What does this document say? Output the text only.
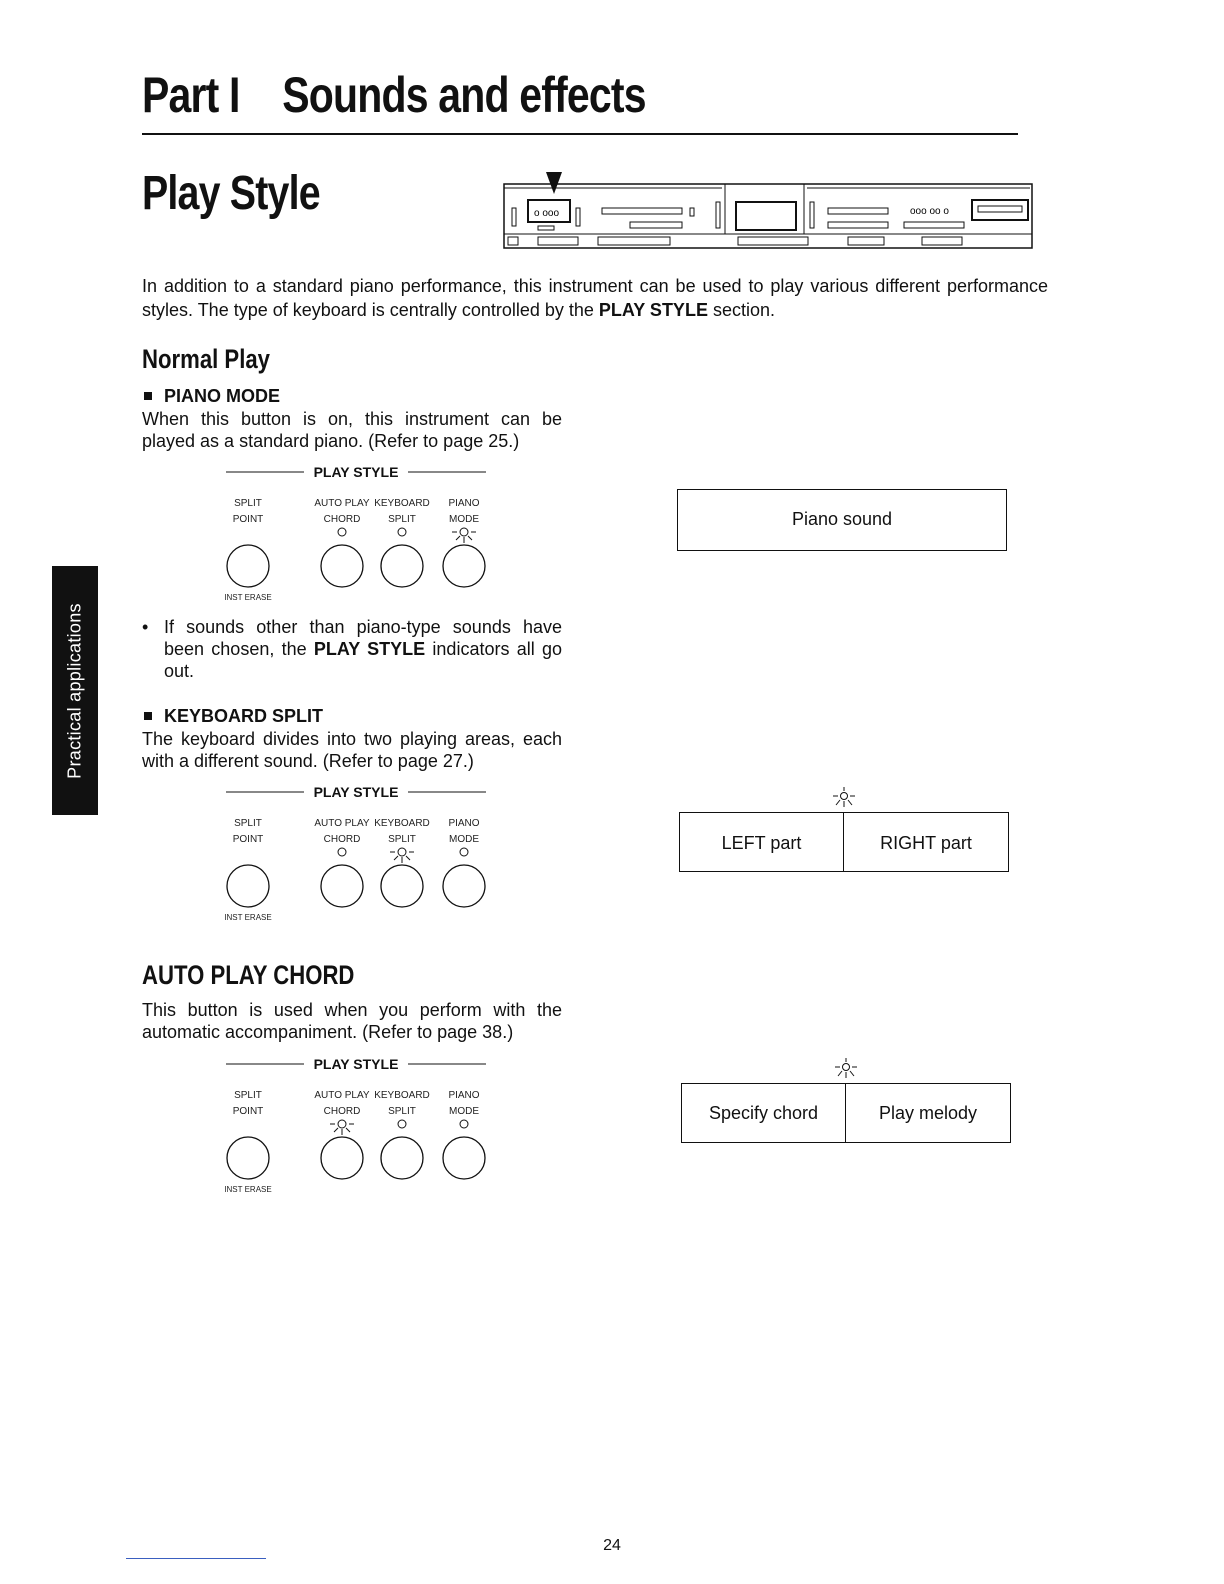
Part I Sounds and effects
Play Style	o ooo	ooo oo o
In addition to a standard piano performance, this instrument can be used to play various different performance styles. The type of keyboard is centrally controlled by the PLAY STYLE section.
Normal Play
PIANO MODE
When this button is on, this instrument can be played as a standard piano. (Refer to page 25.)
PLAY STYLE
SPLIT
POINT
AUTO PLAY
CHORD
KEYBOARD
SPLIT
PIANO
MODE
INST ERASE
Piano sound
• If sounds other than piano-type sounds have been chosen, the PLAY STYLE indicators all go out.
KEYBOARD SPLIT
The keyboard divides into two playing areas, each with a different sound. (Refer to page 27.)
PLAY STYLE
SPLIT
POINT
AUTO PLAY
CHORD
KEYBOARD
SPLIT
PIANO
MODE
INST ERASE
LEFT part	RIGHT part
AUTO PLAY CHORD
This button is used when you perform with the automatic accompaniment. (Refer to page 38.)
PLAY STYLE
SPLIT
POINT
AUTO PLAY
CHORD
KEYBOARD
SPLIT
PIANO
MODE
INST ERASE
Specify chord	Play melody
Practical applications
24
